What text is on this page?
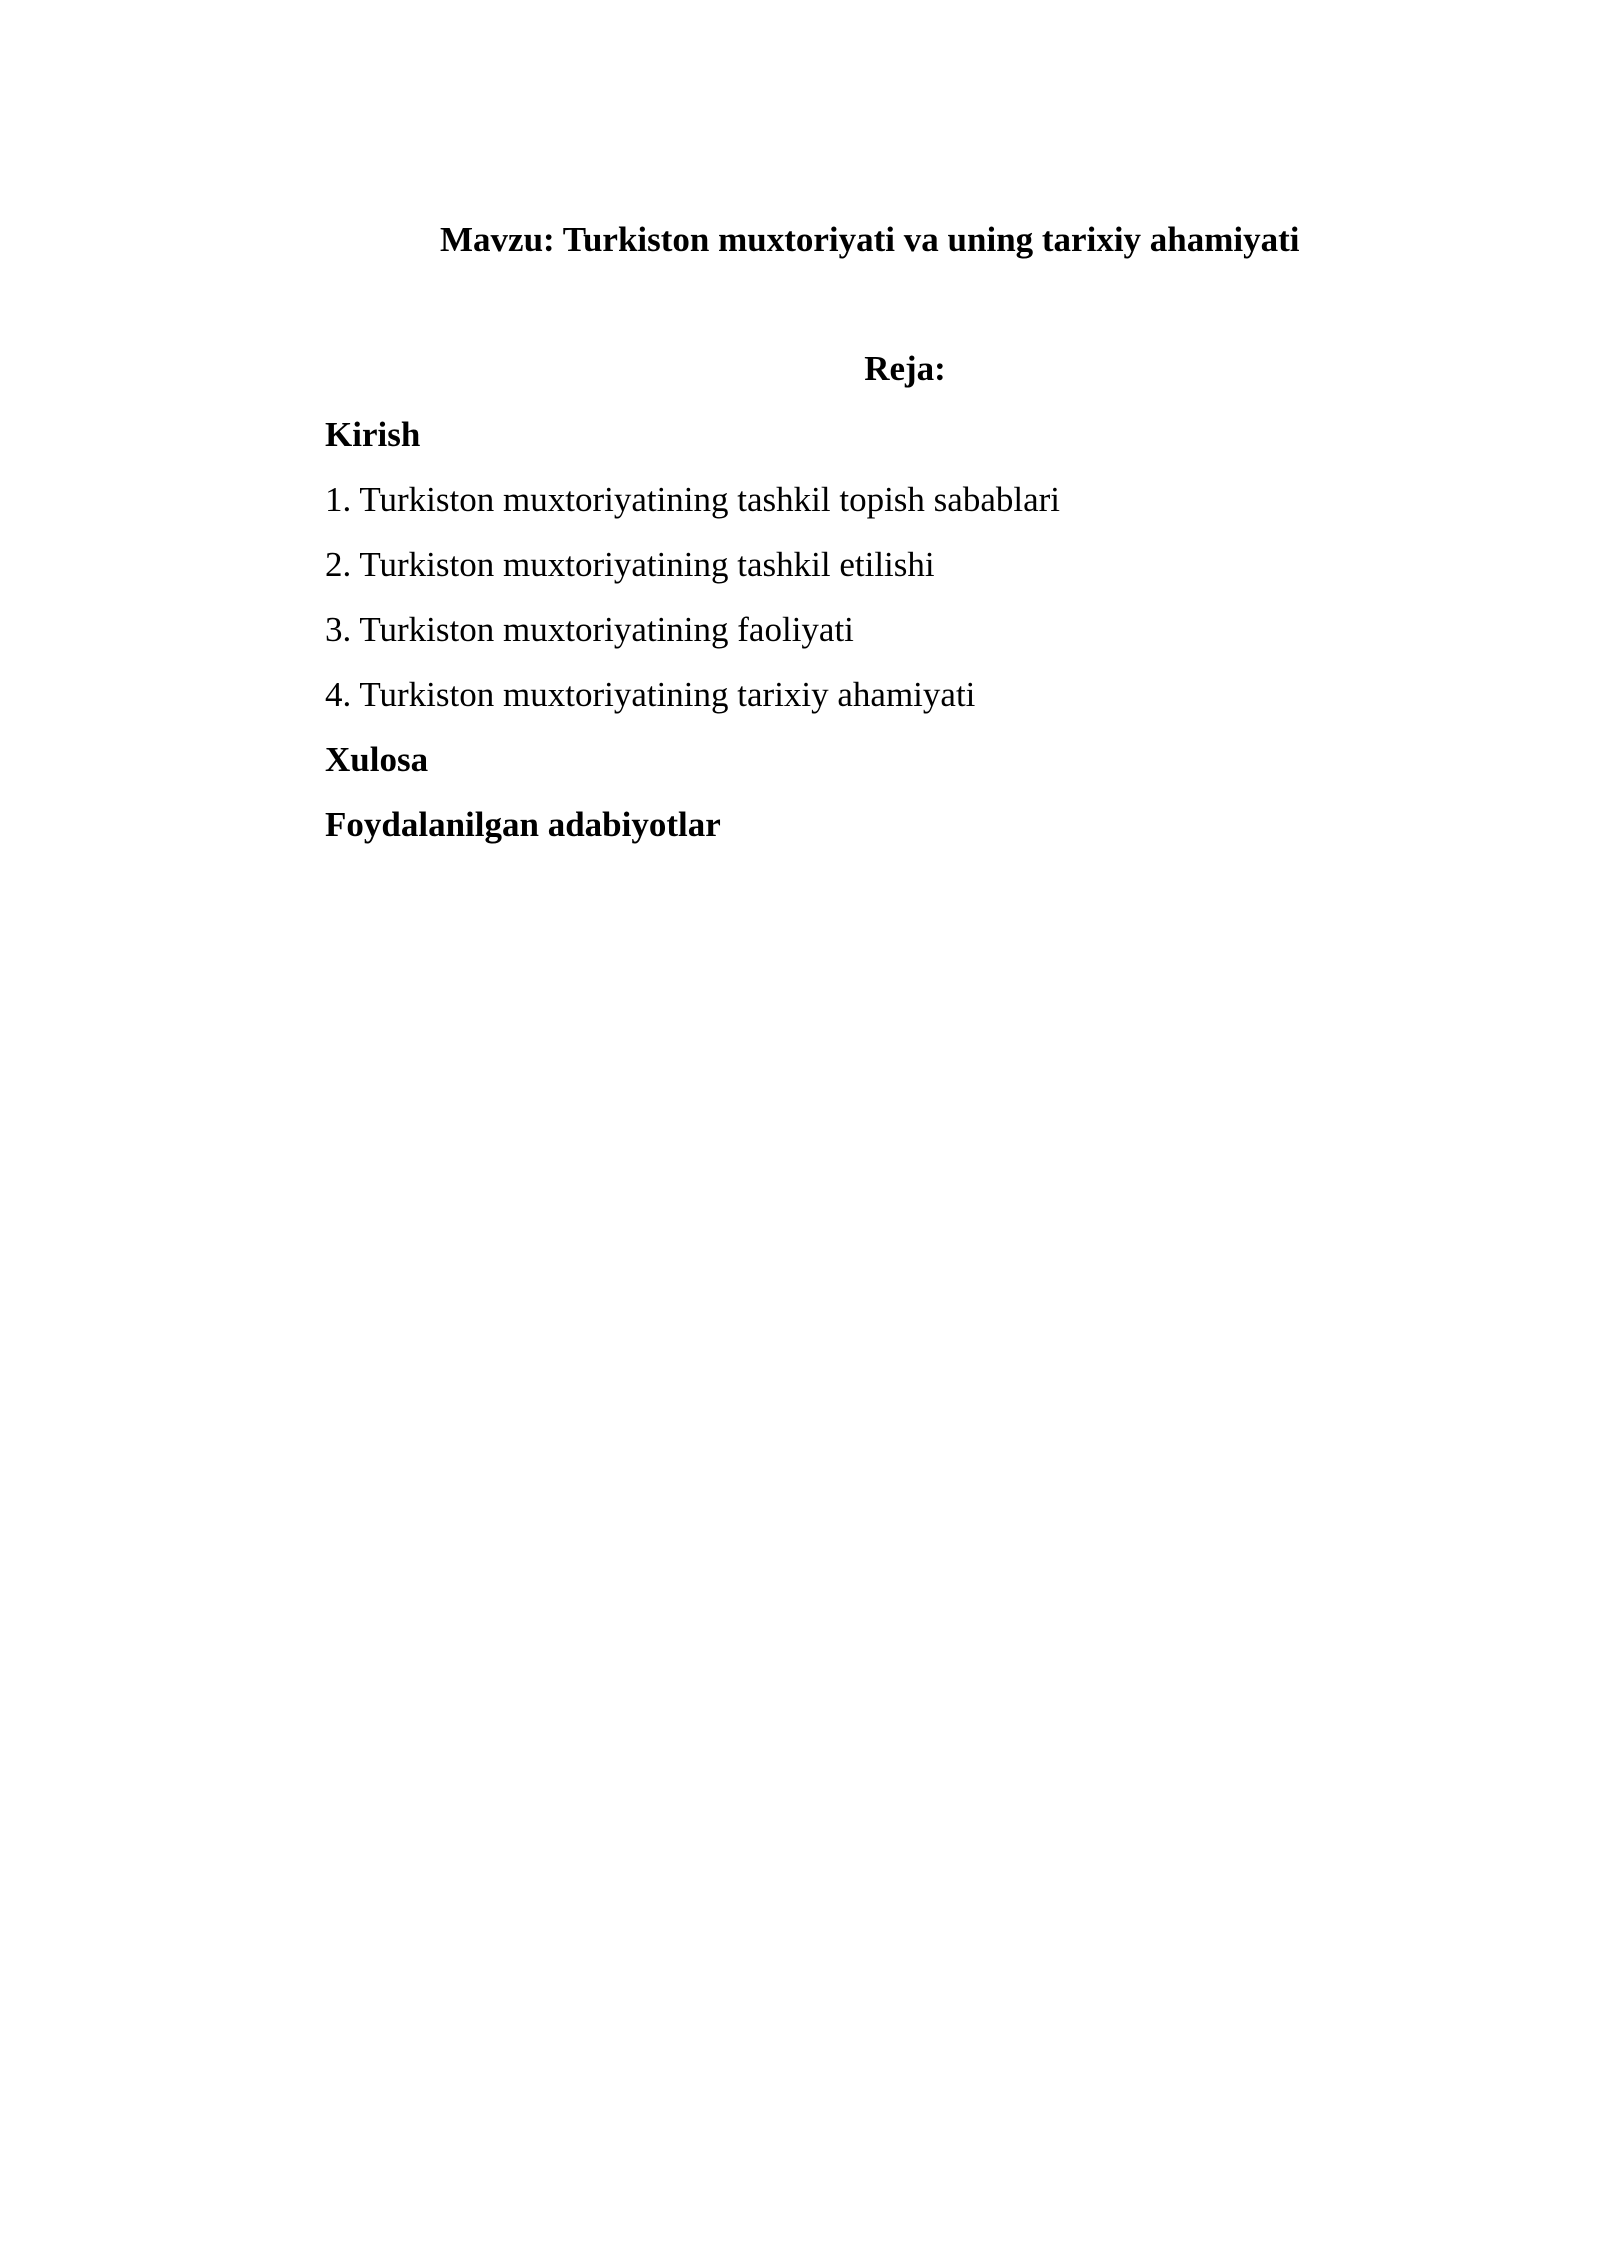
Mavzu: Turkiston muxtoriyati va uning tarixiy ahamiyati
Reja:
Kirish
1. Turkiston muxtoriyatining tashkil topish sabablari
2. Turkiston muxtoriyatining tashkil etilishi
3. Turkiston muxtoriyatining faoliyati
4. Turkiston muxtoriyatining tarixiy ahamiyati
Xulosa
Foydalanilgan adabiyotlar
